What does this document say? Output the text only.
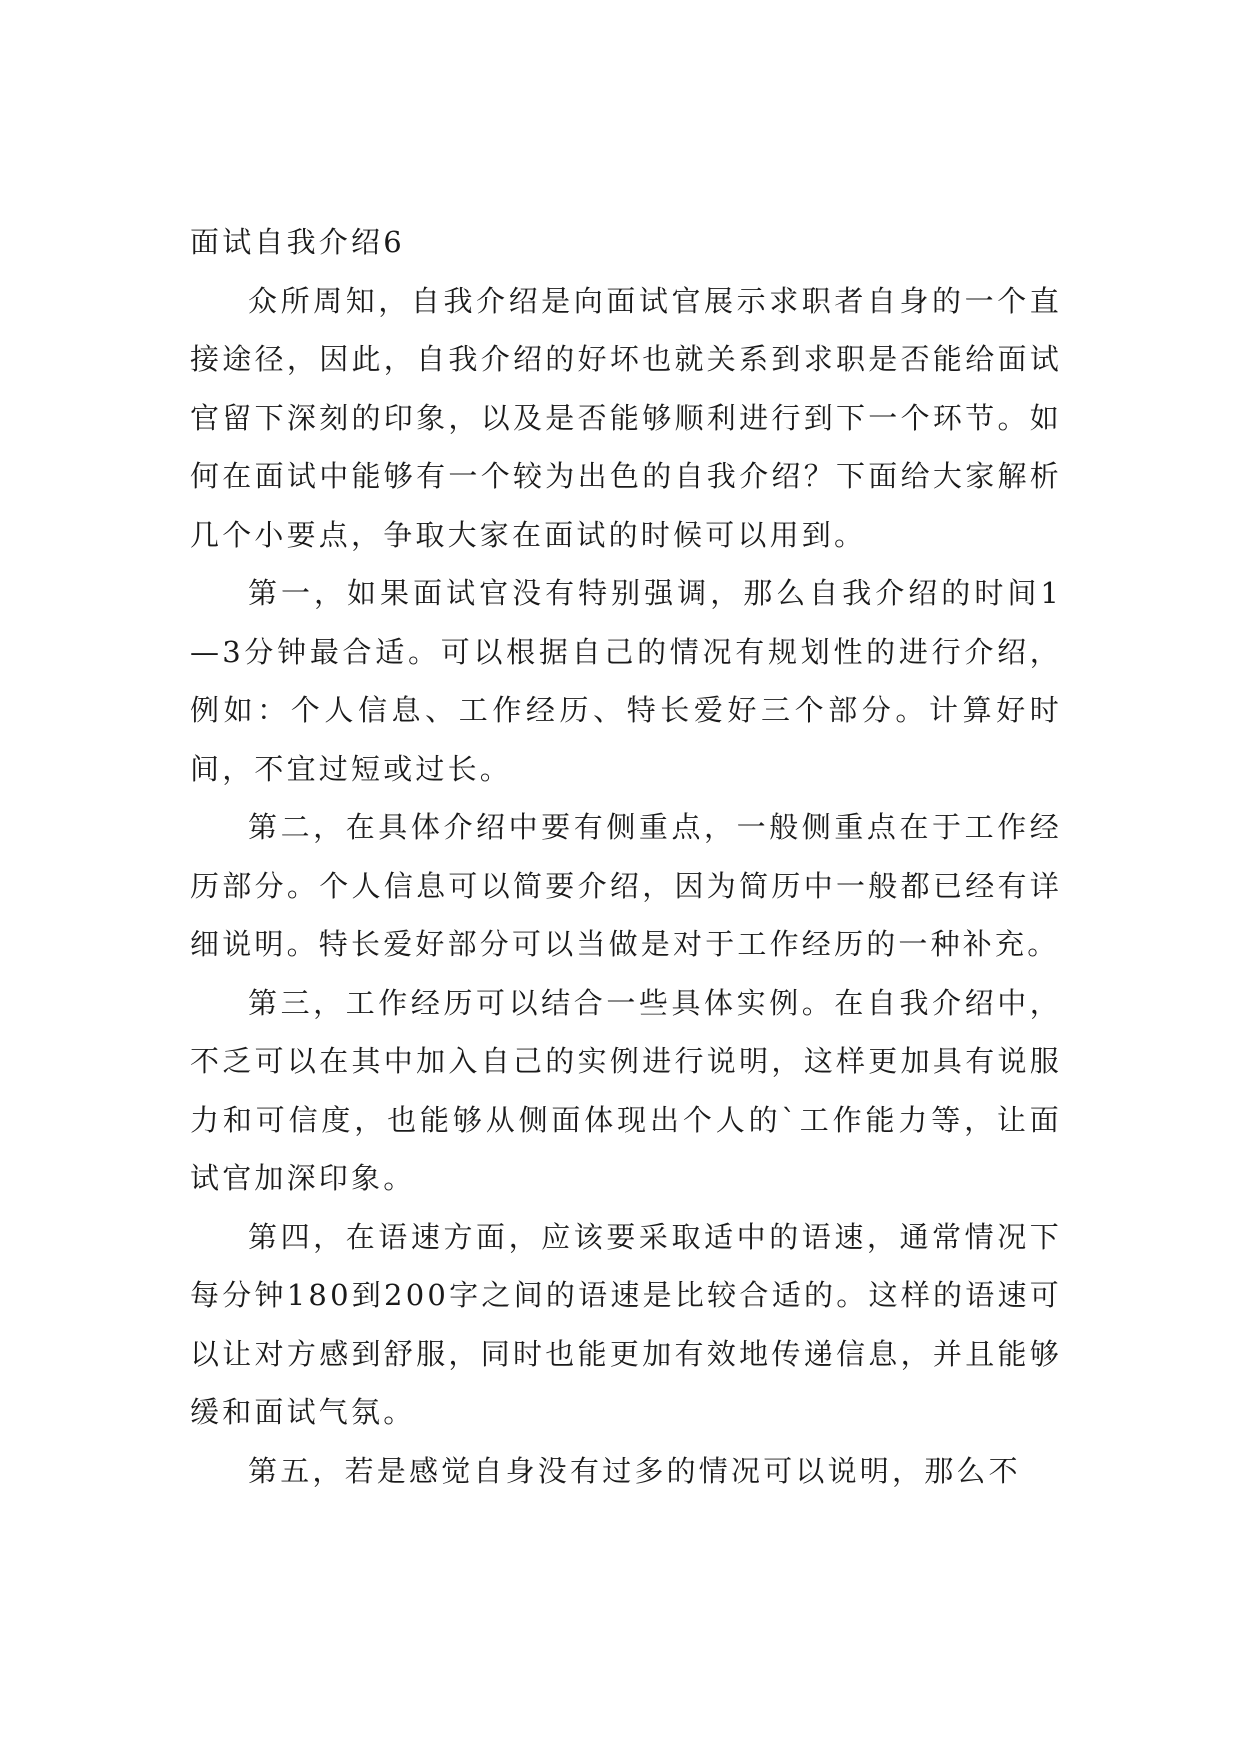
面试自我介绍6

众所周知，自我介绍是向面试官展示求职者自身的一个直接途径，因此，自我介绍的好坏也就关系到求职是否能给面试官留下深刻的印象，以及是否能够顺利进行到下一个环节。如何在面试中能够有一个较为出色的自我介绍？下面给大家解析几个小要点，争取大家在面试的时候可以用到。

第一，如果面试官没有特别强调，那么自我介绍的时间1—3分钟最合适。可以根据自己的情况有规划性的进行介绍，例如：个人信息、工作经历、特长爱好三个部分。计算好时间，不宜过短或过长。

第二，在具体介绍中要有侧重点，一般侧重点在于工作经历部分。个人信息可以简要介绍，因为简历中一般都已经有详细说明。特长爱好部分可以当做是对于工作经历的一种补充。

第三，工作经历可以结合一些具体实例。在自我介绍中，不乏可以在其中加入自己的实例进行说明，这样更加具有说服力和可信度，也能够从侧面体现出个人的`工作能力等，让面试官加深印象。

第四，在语速方面，应该要采取适中的语速，通常情况下每分钟180到200字之间的语速是比较合适的。这样的语速可以让对方感到舒服，同时也能更加有效地传递信息，并且能够缓和面试气氛。

第五，若是感觉自身没有过多的情况可以说明，那么不
